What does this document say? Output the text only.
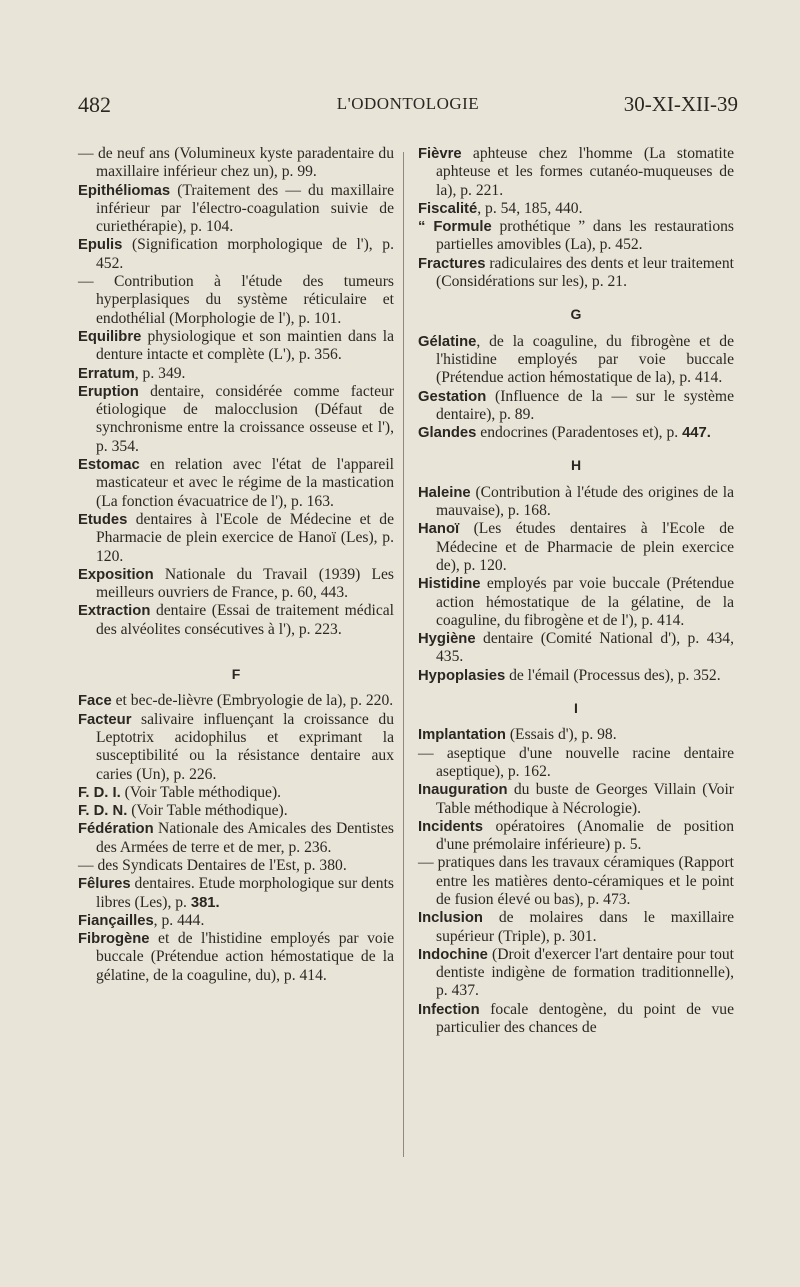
482	L'ODONTOLOGIE	30-XI-XII-39

— de neuf ans (Volumineux kyste paradentaire du maxillaire inférieur chez un), p. 99.

Epithéliomas (Traitement des — du maxillaire inférieur par l'électro-coagulation suivie de curiethérapie), p. 104.

Epulis (Signification morphologique de l'), p. 452.

— Contribution à l'étude des tumeurs hyperplasiques du système réticulaire et endothélial (Morphologie de l'), p. 101.

Equilibre physiologique et son maintien dans la denture intacte et complète (L'), p. 356.

Erratum, p. 349.

Eruption dentaire, considérée comme facteur étiologique de malocclusion (Défaut de synchronisme entre la croissance osseuse et l'), p. 354.

Estomac en relation avec l'état de l'appareil masticateur et avec le régime de la mastication (La fonction évacuatrice de l'), p. 163.

Etudes dentaires à l'Ecole de Médecine et de Pharmacie de plein exercice de Hanoï (Les), p. 120.

Exposition Nationale du Travail (1939) Les meilleurs ouvriers de France, p. 60, 443.

Extraction dentaire (Essai de traitement médical des alvéolites consécutives à l'), p. 223.

F

Face et bec-de-lièvre (Embryologie de la), p. 220.

Facteur salivaire influençant la croissance du Leptotrix acidophilus et exprimant la susceptibilité ou la résistance dentaire aux caries (Un), p. 226.

F. D. I. (Voir Table méthodique).

F. D. N. (Voir Table méthodique).

Fédération Nationale des Amicales des Dentistes des Armées de terre et de mer, p. 236.

— des Syndicats Dentaires de l'Est, p. 380.

Fêlures dentaires. Etude morphologique sur dents libres (Les), p. 381.

Fiançailles, p. 444.

Fibrogène et de l'histidine employés par voie buccale (Prétendue action hémostatique de la gélatine, de la coaguline, du), p. 414.

Fièvre aphteuse chez l'homme (La stomatite aphteuse et les formes cutanéo-muqueuses de la), p. 221.

Fiscalité, p. 54, 185, 440.

“ Formule prothétique ” dans les restaurations partielles amovibles (La), p. 452.

Fractures radiculaires des dents et leur traitement (Considérations sur les), p. 21.

G

Gélatine, de la coaguline, du fibrogène et de l'histidine employés par voie buccale (Prétendue action hémostatique de la), p. 414.

Gestation (Influence de la — sur le système dentaire), p. 89.

Glandes endocrines (Paradentoses et), p. 447.

H

Haleine (Contribution à l'étude des origines de la mauvaise), p. 168.

Hanoï (Les études dentaires à l'Ecole de Médecine et de Pharmacie de plein exercice de), p. 120.

Histidine employés par voie buccale (Prétendue action hémostatique de la gélatine, de la coaguline, du fibrogène et de l'), p. 414.

Hygiène dentaire (Comité National d'), p. 434, 435.

Hypoplasies de l'émail (Processus des), p. 352.

I

Implantation (Essais d'), p. 98.

— aseptique d'une nouvelle racine dentaire aseptique), p. 162.

Inauguration du buste de Georges Villain (Voir Table méthodique à Nécrologie).

Incidents opératoires (Anomalie de position d'une prémolaire inférieure) p. 5.

— pratiques dans les travaux céramiques (Rapport entre les matières dento-céramiques et le point de fusion élevé ou bas), p. 473.

Inclusion de molaires dans le maxillaire supérieur (Triple), p. 301.

Indochine (Droit d'exercer l'art dentaire pour tout dentiste indigène de formation traditionnelle), p. 437.

Infection focale dentogène, du point de vue particulier des chances de
